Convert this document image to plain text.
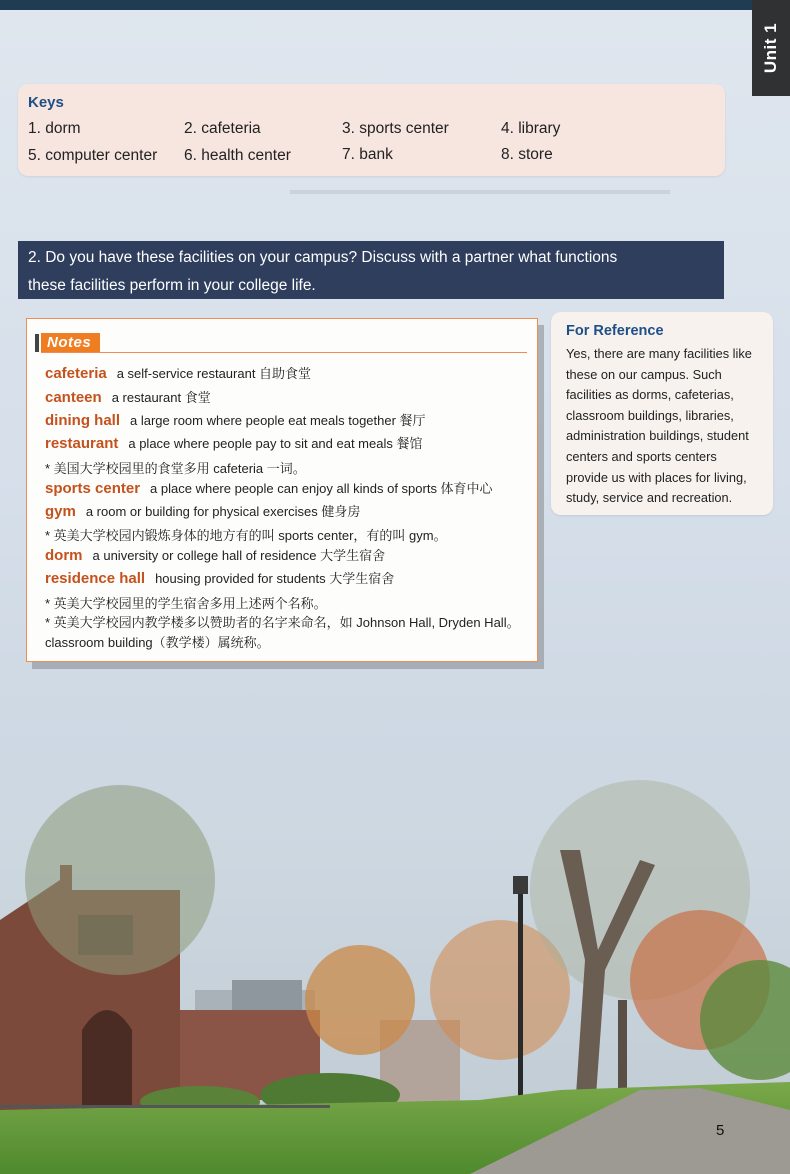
Unit 1
Keys
1. dorm	2. cafeteria	3. sports center	4. library
5. computer center 6. health center	7. bank	8. store
2. Do you have these facilities on your campus? Discuss with a partner what functions
these facilities perform in your college life.
Notes
cafeteria a self-service restaurant 自助食堂
canteen a restaurant 食堂
dining hall a large room where people eat meals together 餐厅
restaurant a place where people pay to sit and eat meals 餐馆
* 美国大学校园里的食堂多用 cafeteria 一词。
sports center a place where people can enjoy all kinds of sports 体育中心
gym a room or building for physical exercises 健身房
* 英美大学校园内锻炼身体的地方有的叫 sports center，有的叫 gym。
dorm a university or college hall of residence 大学生宿舍
residence hall housing provided for students 大学生宿舍
* 英美大学校园里的学生宿舍多用上述两个名称。
* 英美大学校园内教学楼多以赞助者的名字来命名，如 Johnson Hall, Dryden Hall。
classroom building（教学楼）属统称。
For Reference
Yes, there are many facilities like these on our campus. Such facilities as dorms, cafeterias, classroom buildings, libraries, administration buildings, student centers and sports centers provide us with places for living, study, service and recreation.
5
